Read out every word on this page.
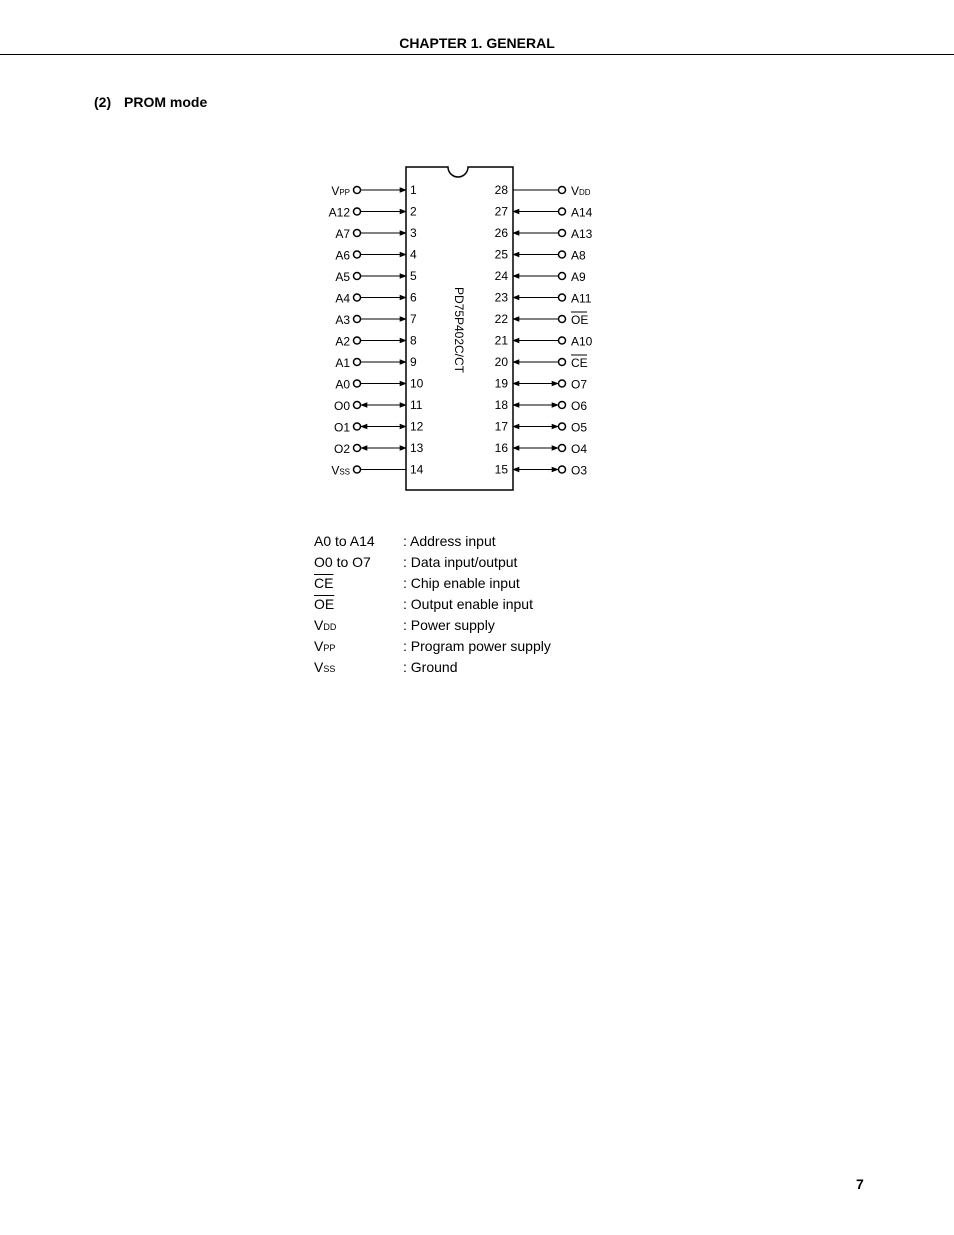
CHAPTER 1. GENERAL
(2) PROM mode
PD75P402C/CT
VPP	1
A12	2
A7	3
A6	4
A5	5
A4	6
A3	7
A2	8
A1	9
A0	10
O0	11
O1	12
O2	13
VSS	14
VDD
28
A14
27
A13
26
A8
25
A9
24
A11
23
OE
22
A10
21
CE
20
O7
19
O6
18
O5
17
O4
16
O3
15
A0 to A14 : Address input
O0 to O7 : Data input/output
$\overline{CE}$	: Chip enable input
$\overline{OE}$	: Output enable input
VDD	: Power supply
VPP	: Program power supply
VSS	: Ground
7
